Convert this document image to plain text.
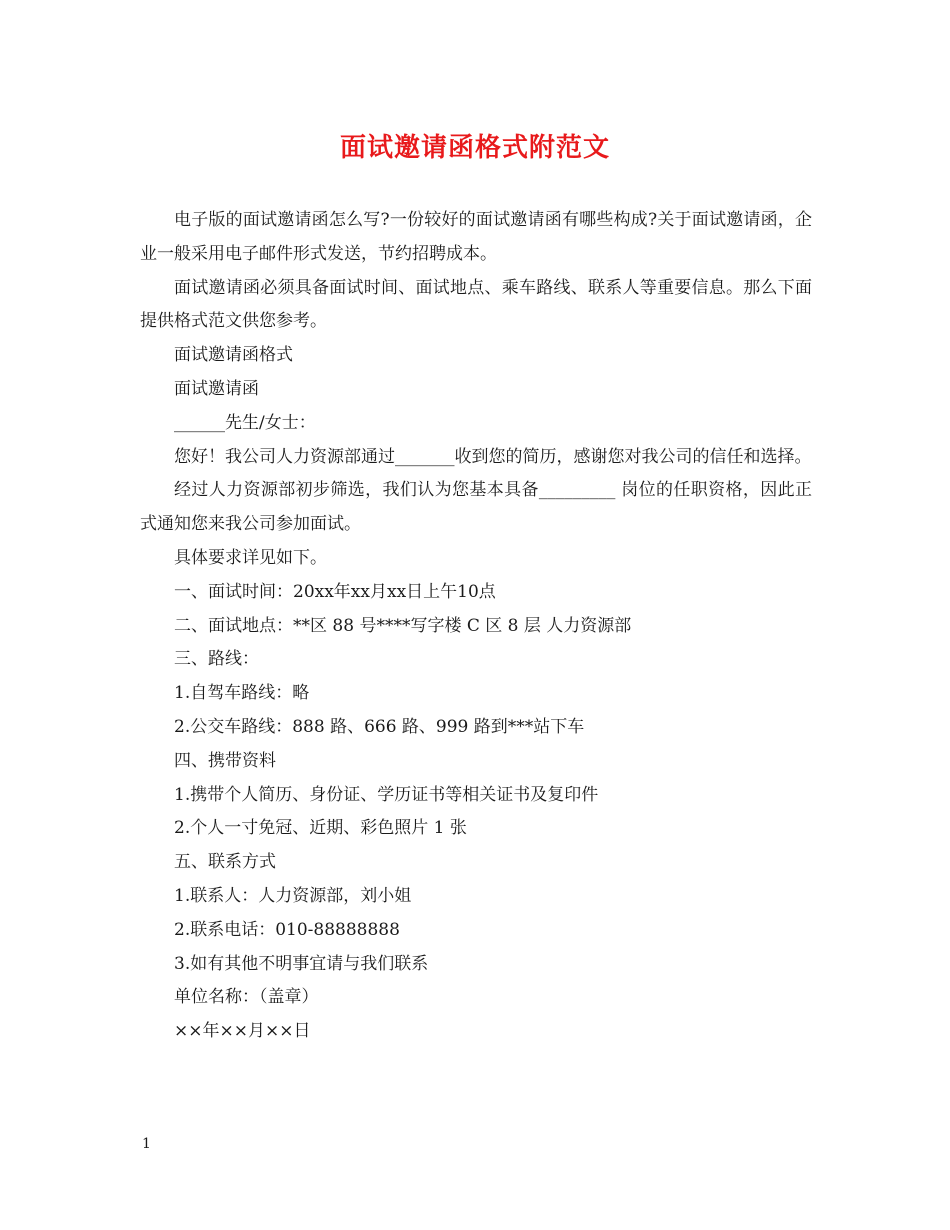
面试邀请函格式附范文

电子版的面试邀请函怎么写?一份较好的面试邀请函有哪些构成?关于面试邀请函，企业一般采用电子邮件形式发送，节约招聘成本。

面试邀请函必须具备面试时间、面试地点、乘车路线、联系人等重要信息。那么下面提供格式范文供您参考。

面试邀请函格式

面试邀请函

______先生/女士：

您好！我公司人力资源部通过_______收到您的简历，感谢您对我公司的信任和选择。

经过人力资源部初步筛选，我们认为您基本具备_________ 岗位的任职资格，因此正式通知您来我公司参加面试。

具体要求详见如下。

一、面试时间：20xx年xx月xx日上午10点

二、面试地点：**区 88 号****写字楼 C 区 8 层 人力资源部

三、路线：

1.自驾车路线：略

2.公交车路线：888 路、666 路、999 路到***站下车

四、携带资料

1.携带个人简历、身份证、学历证书等相关证书及复印件

2.个人一寸免冠、近期、彩色照片 1 张

五、联系方式

1.联系人：人力资源部，刘小姐

2.联系电话：010-88888888

3.如有其他不明事宜请与我们联系

单位名称：（盖章）

××年××月××日

1
